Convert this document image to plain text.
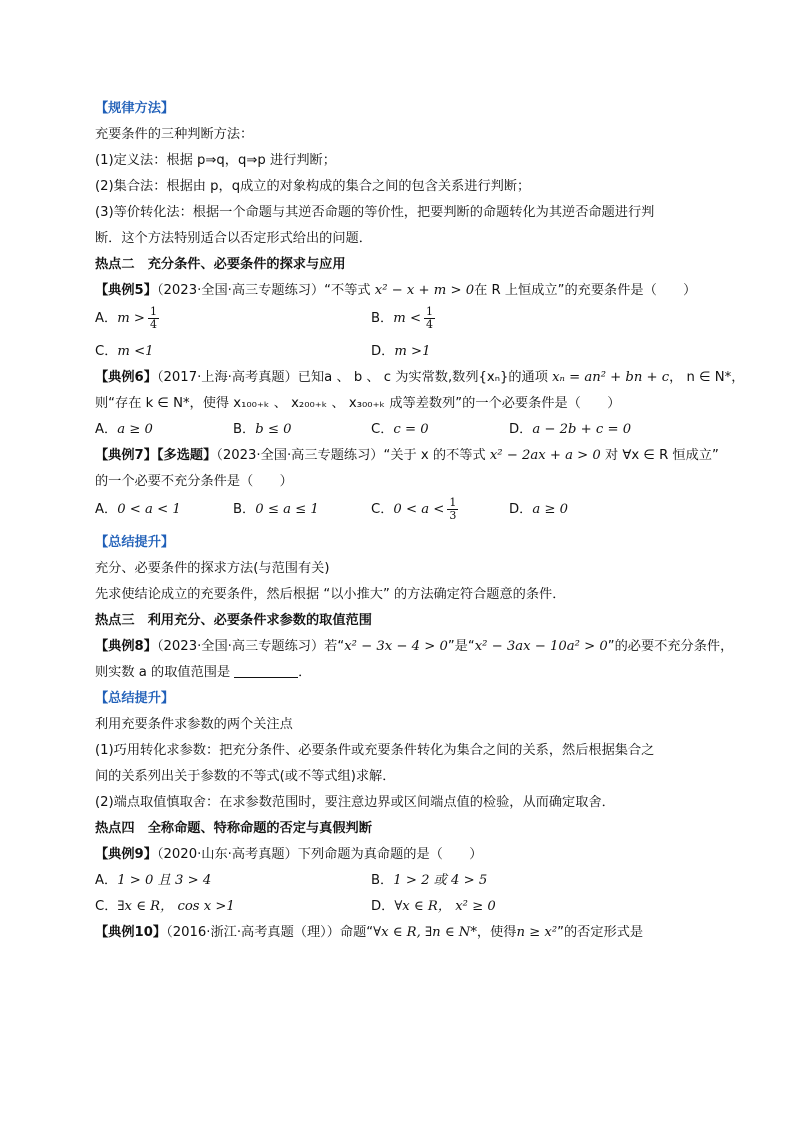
【规律方法】
充要条件的三种判断方法：
(1)定义法：根据 p⇒q，q⇒p 进行判断；
(2)集合法：根据由 p，q成立的对象构成的集合之间的包含关系进行判断；
(3)等价转化法：根据一个命题与其逆否命题的等价性，把要判断的命题转化为其逆否命题进行判
断．这个方法特别适合以否定形式给出的问题．
热点二　充分条件、必要条件的探求与应用
【典例5】（2023·全国·高三专题练习）“不等式 x² − x + m > 0在 R 上恒成立”的充要条件是（　　）
A．$m > \frac{1}{4}$	B．$m < \frac{1}{4}$
C．m <1	D．m >1
【典例6】（2017·上海·高考真题）已知a 、 b 、 c 为实常数,数列{xₙ}的通项 xₙ = an² + bn + c， n ∈ N*，
则“存在 k ∈ N*，使得 x₁₀₀₊ₖ 、 x₂₀₀₊ₖ 、 x₃₀₀₊ₖ 成等差数列”的一个必要条件是（　　）
A．a ≥ 0	B．b ≤ 0	C．c = 0	D．a − 2b + c = 0
【典例7】【多选题】（2023·全国·高三专题练习）“关于 x 的不等式 x² − 2ax + a > 0 对 ∀x ∈ R 恒成立”
的一个必要不充分条件是（　　）
A．0 < a < 1	B．0 ≤ a ≤ 1	C．$0 < a < \frac{1}{3}$	D．a ≥ 0
【总结提升】
充分、必要条件的探求方法(与范围有关)
先求使结论成立的充要条件，然后根据 “以小推大” 的方法确定符合题意的条件．
热点三　利用充分、必要条件求参数的取值范围
【典例8】（2023·全国·高三专题练习）若“x² − 3x − 4 > 0”是“x² − 3ax − 10a² > 0”的必要不充分条件，
则实数 a 的取值范围是	．
【总结提升】
利用充要条件求参数的两个关注点
(1)巧用转化求参数：把充分条件、必要条件或充要条件转化为集合之间的关系，然后根据集合之
间的关系列出关于参数的不等式(或不等式组)求解．
(2)端点取值慎取舍：在求参数范围时，要注意边界或区间端点值的检验，从而确定取舍．
热点四　全称命题、特称命题的否定与真假判断
【典例9】（2020·山东·高考真题）下列命题为真命题的是（　　）
A．1 > 0 且 3 > 4	B．1 > 2 或 4 > 5
C．∃x ∈ R， cos x >1	D．∀x ∈ R， x² ≥ 0
【典例10】（2016·浙江·高考真题（理））命题“∀x ∈ R, ∃n ∈ N*，使得n ≥ x²”的否定形式是
